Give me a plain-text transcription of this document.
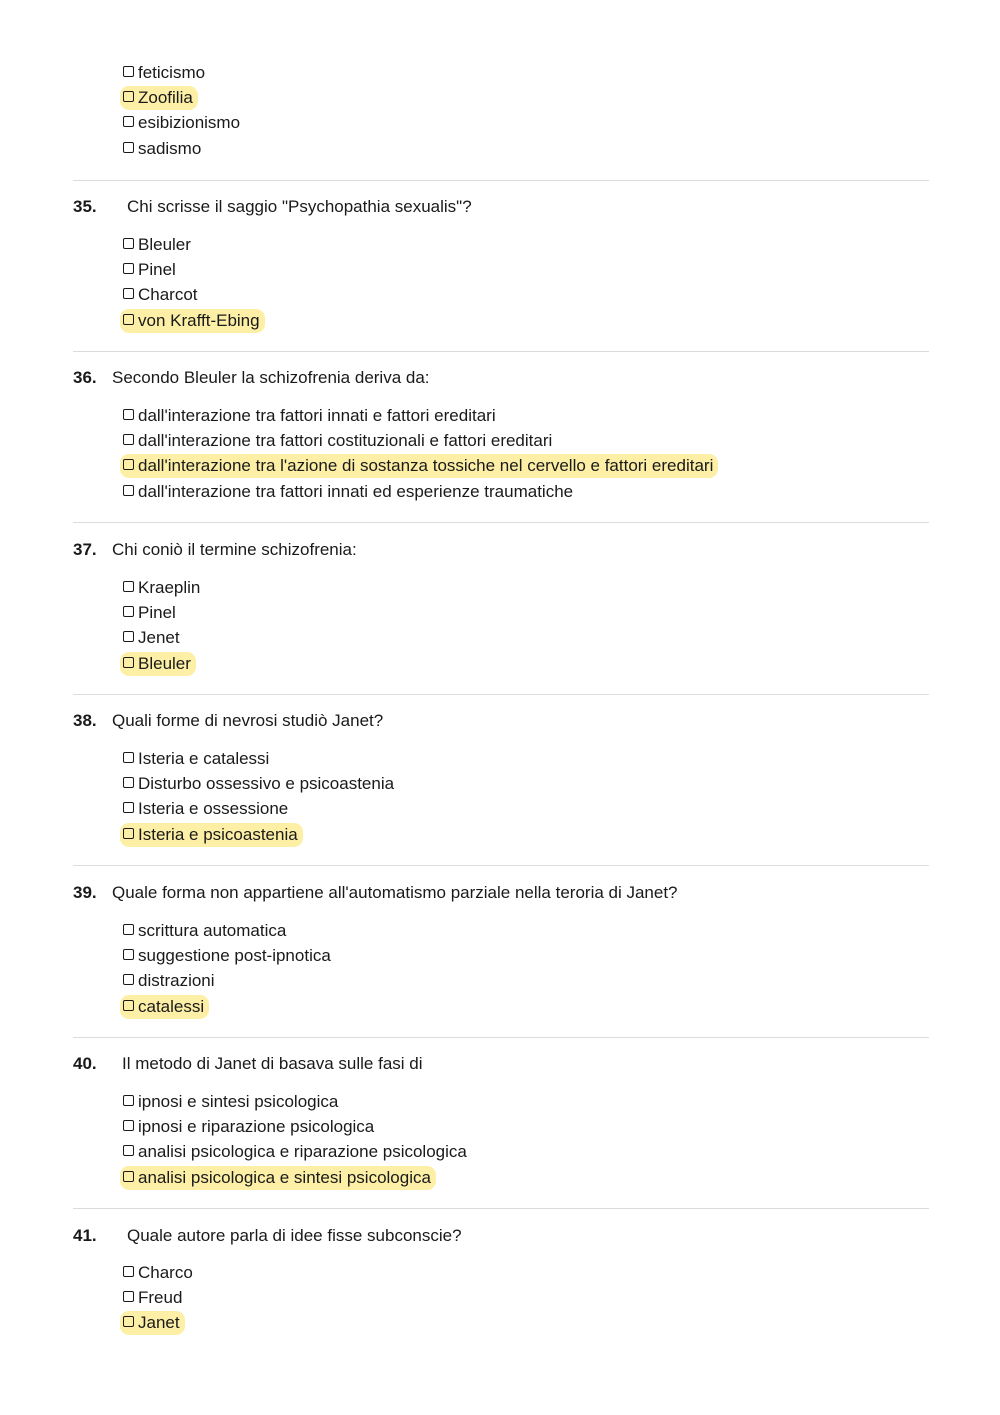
feticismo
Zoofilia
esibizionismo
sadismo
35. Chi scrisse il saggio "Psychopathia sexualis"?
Bleuler
Pinel
Charcot
von Krafft-Ebing
36. Secondo Bleuler la schizofrenia deriva da:
dall'interazione tra fattori innati e fattori ereditari
dall'interazione tra fattori costituzionali e fattori ereditari
dall'interazione tra l'azione di sostanza tossiche nel cervello e fattori ereditari
dall'interazione tra fattori innati ed esperienze traumatiche
37. Chi coniò il termine schizofrenia:
Kraeplin
Pinel
Jenet
Bleuler
38. Quali forme di nevrosi studiò Janet?
Isteria e catalessi
Disturbo ossessivo e psicoastenia
Isteria e ossessione
Isteria e psicoastenia
39. Quale forma non appartiene all'automatismo parziale nella teroria di Janet?
scrittura automatica
suggestione post-ipnotica
distrazioni
catalessi
40. Il metodo di Janet di basava sulle fasi di
ipnosi e sintesi psicologica
ipnosi e riparazione psicologica
analisi psicologica e riparazione psicologica
analisi psicologica e sintesi psicologica
41. Quale autore parla di idee fisse subconscie?
Charco
Freud
Janet
